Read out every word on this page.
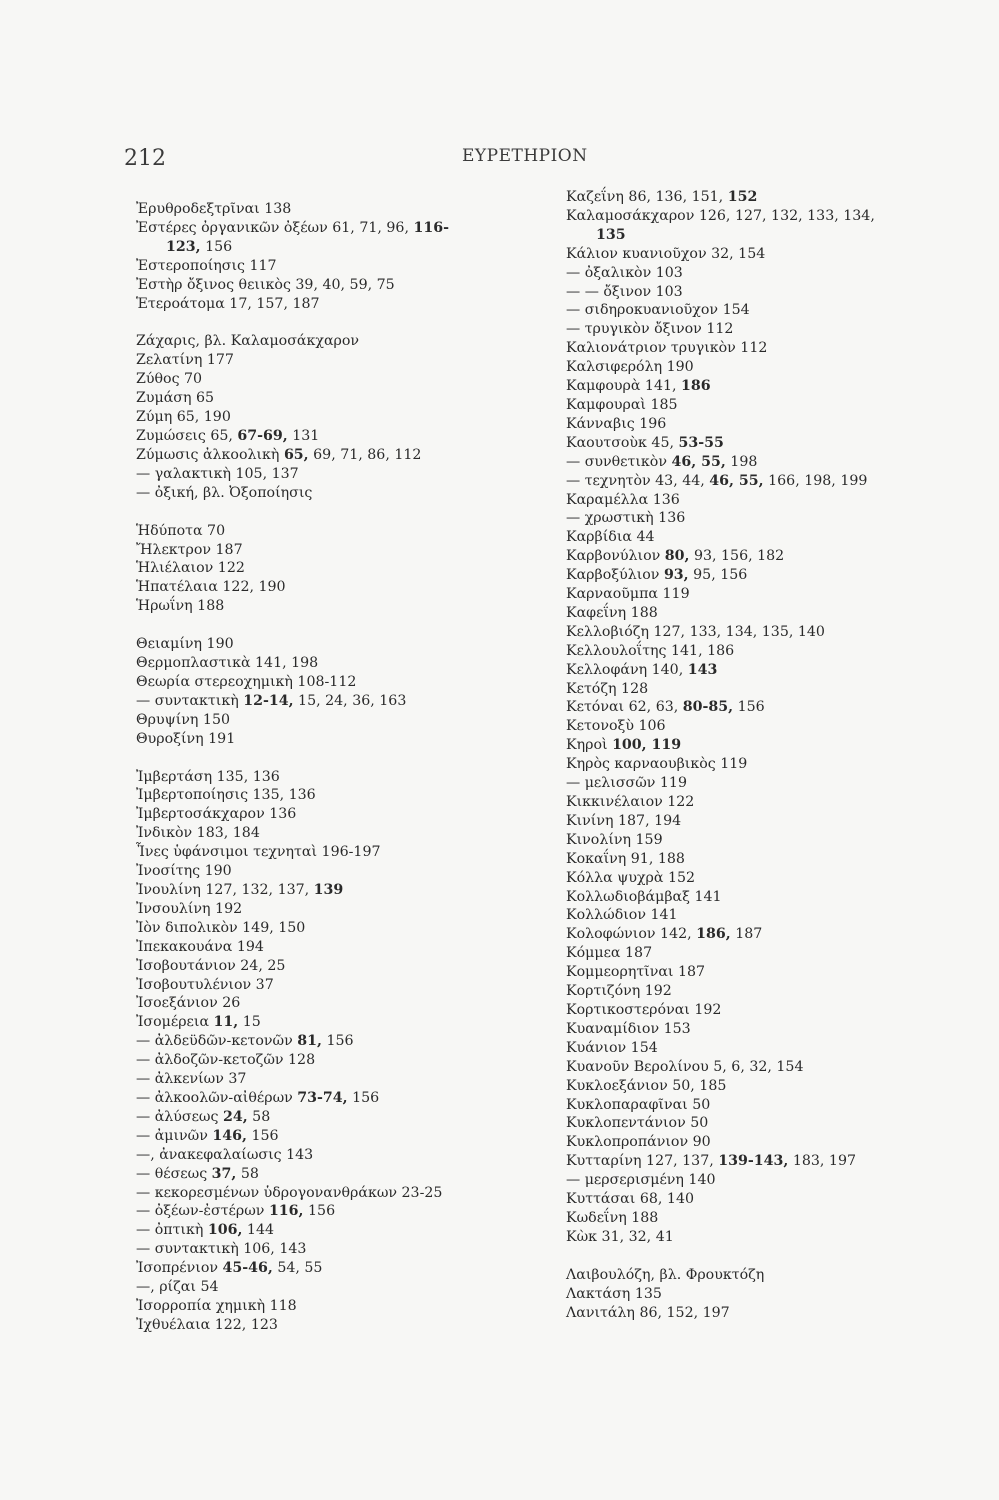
212	ΕΥΡΕΤΗΡΙΟΝ
Ἐρυθροδεξτρῖναι 138
Ἐστέρες ὀργανικῶν ὀξέων 61, 71, 96, 116-
123, 156
Ἐστεροποίησις 117
Ἐστὴρ ὄξινος θειικὸς 39, 40, 59, 75
Ἑτεροάτομα 17, 157, 187
Ζάχαρις, βλ. Καλαμοσάκχαρον
Ζελατίνη 177
Ζύθος 70
Ζυμάση 65
Ζύμη 65, 190
Ζυμώσεις 65, 67-69, 131
Ζύμωσις ἀλκοολικὴ 65, 69, 71, 86, 112
— γαλακτικὴ 105, 137
— ὀξική, βλ. Ὀξοποίησις
Ἡδύποτα 70
Ἤλεκτρον 187
Ἡλιέλαιον 122
Ἡπατέλαια 122, 190
Ἡρωΐνη 188
Θειαμίνη 190
Θερμοπλαστικὰ 141, 198
Θεωρία στερεοχημικὴ 108-112
— συντακτικὴ 12-14, 15, 24, 36, 163
Θρυψίνη 150
Θυροξίνη 191
Ἰμβερτάση 135, 136
Ἰμβερτοποίησις 135, 136
Ἰμβερτοσάκχαρον 136
Ἰνδικὸν 183, 184
Ἶνες ὑφάνσιμοι τεχνηταὶ 196-197
Ἰνοσίτης 190
Ἰνουλίνη 127, 132, 137, 139
Ἰνσουλίνη 192
Ἰὸν διπολικὸν 149, 150
Ἰπεκακουάνα 194
Ἰσοβουτάνιον 24, 25
Ἰσοβουτυλένιον 37
Ἰσοεξάνιον 26
Ἰσομέρεια 11, 15
— ἀλδεϋδῶν-κετονῶν 81, 156
— ἀλδοζῶν-κετοζῶν 128
— ἀλκενίων 37
— ἀλκοολῶν-αἰθέρων 73-74, 156
— ἀλύσεως 24, 58
— ἀμινῶν 146, 156
—, ἀνακεφαλαίωσις 143
— θέσεως 37, 58
— κεκορεσμένων ὑδρογονανθράκων 23-25
— ὀξέων-ἐστέρων 116, 156
— ὀπτικὴ 106, 144
— συντακτικὴ 106, 143
Ἰσοπρένιον 45-46, 54, 55
—, ρίζαι 54
Ἰσορροπία χημικὴ 118
Ἰχθυέλαια 122, 123
Καζεΐνη 86, 136, 151, 152
Καλαμοσάκχαρον 126, 127, 132, 133, 134,
135
Κάλιον κυανιοῦχον 32, 154
— ὀξαλικὸν 103
— — ὄξινον 103
— σιδηροκυανιοῦχον 154
— τρυγικὸν ὄξινον 112
Καλιονάτριον τρυγικὸν 112
Καλσιφερόλη 190
Καμφουρὰ 141, 186
Καμφουραὶ 185
Κάνναβις 196
Καουτσοὺκ 45, 53-55
— συνθετικὸν 46, 55, 198
— τεχνητὸν 43, 44, 46, 55, 166, 198, 199
Καραμέλλα 136
— χρωστικὴ 136
Καρβίδια 44
Καρβονύλιον 80, 93, 156, 182
Καρβοξύλιον 93, 95, 156
Καρναοῦμπα 119
Καφεΐνη 188
Κελλοβιόζη 127, 133, 134, 135, 140
Κελλουλοΐτης 141, 186
Κελλοφάνη 140, 143
Κετόζη 128
Κετόναι 62, 63, 80-85, 156
Κετονοξὺ 106
Κηροὶ 100, 119
Κηρὸς καρναουβικὸς 119
— μελισσῶν 119
Κικκινέλαιον 122
Κινίνη 187, 194
Κινολίνη 159
Κοκαΐνη 91, 188
Κόλλα ψυχρὰ 152
Κολλωδιοβάμβαξ 141
Κολλώδιον 141
Κολοφώνιον 142, 186, 187
Κόμμεα 187
Κομμεορητῖναι 187
Κορτιζόνη 192
Κορτικοστερόναι 192
Κυαναμίδιον 153
Κυάνιον 154
Κυανοῦν Βερολίνου 5, 6, 32, 154
Κυκλοεξάνιον 50, 185
Κυκλοπαραφῖναι 50
Κυκλοπεντάνιον 50
Κυκλοπροπάνιον 90
Κυτταρίνη 127, 137, 139-143, 183, 197
— μερσερισμένη 140
Κυττάσαι 68, 140
Κωδεΐνη 188
Κὼκ 31, 32, 41
Λαιβουλόζη, βλ. Φρουκτόζη
Λακτάση 135
Λανιτάλη 86, 152, 197
